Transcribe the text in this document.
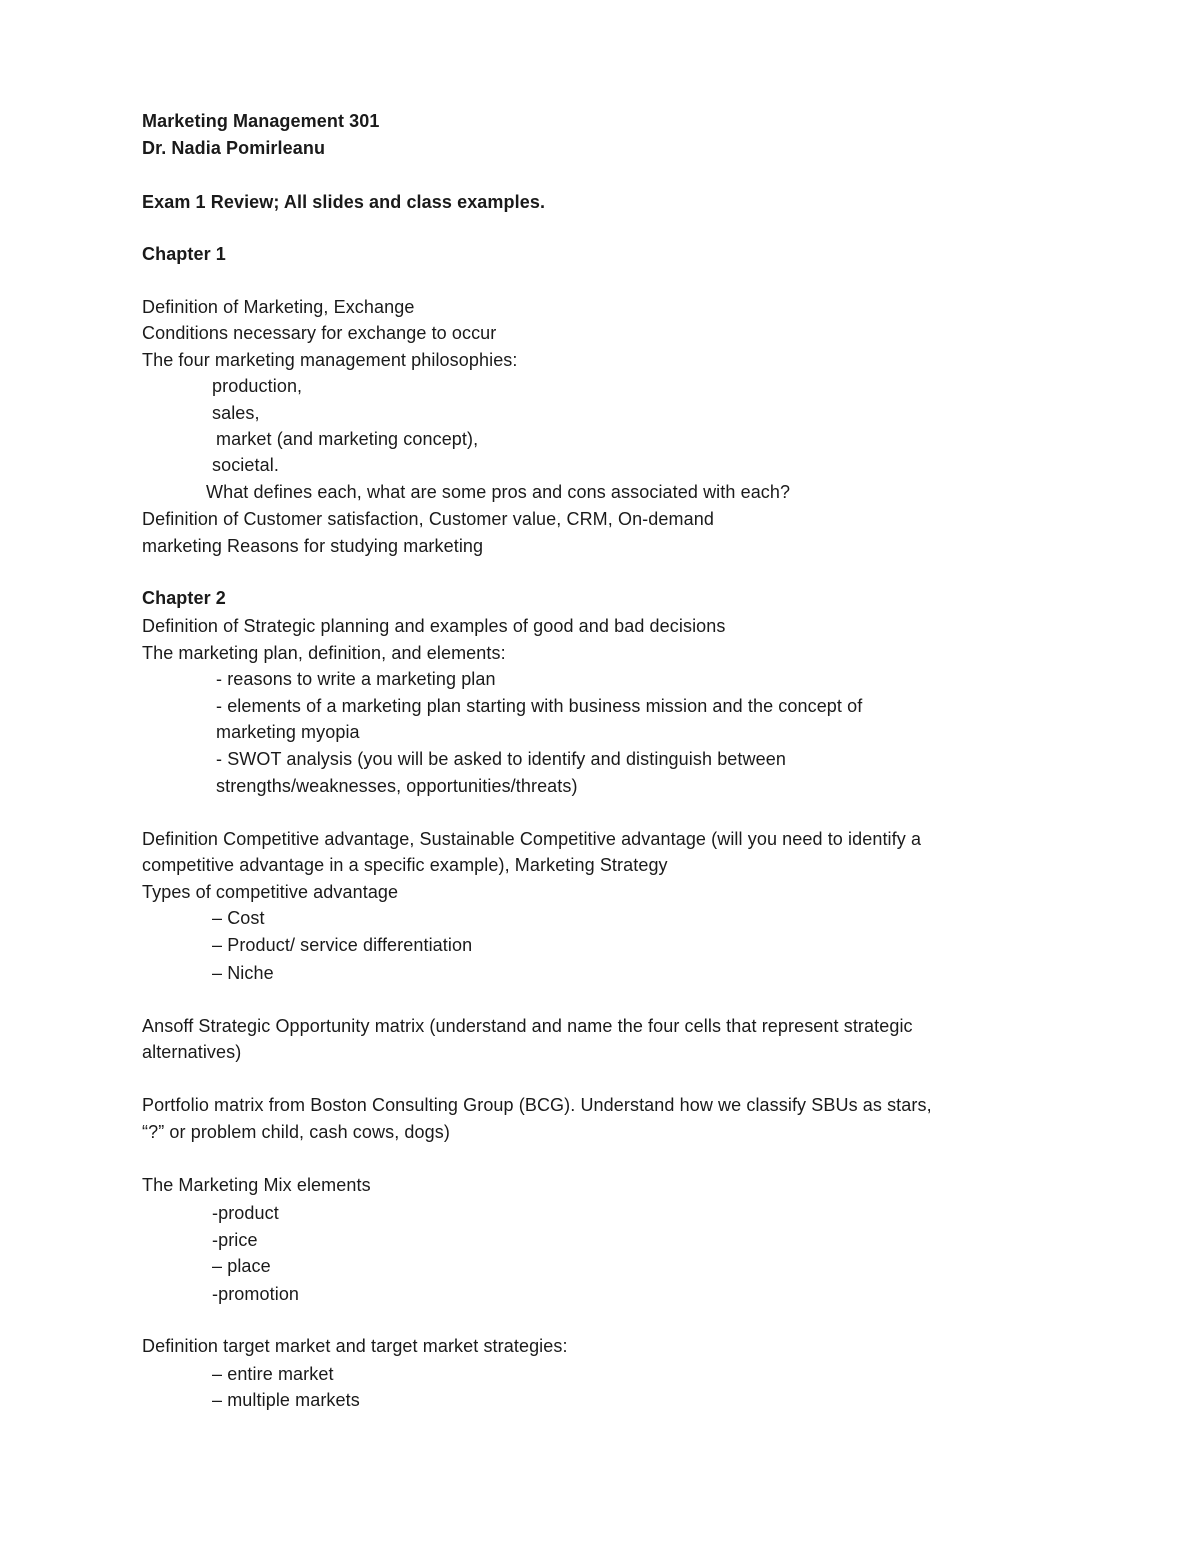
Marketing Management 301
Dr. Nadia Pomirleanu
Exam 1 Review; All slides and class examples.
Chapter 1
Definition of Marketing, Exchange
Conditions necessary for exchange to occur
The four marketing management philosophies:
production,
sales,
market (and marketing concept),
societal.
What defines each, what are some pros and cons associated with each?
Definition of Customer satisfaction, Customer value, CRM, On-demand
marketing Reasons for studying marketing
Chapter 2
Definition of Strategic planning and examples of good and bad decisions
The marketing plan, definition, and elements:
- reasons to write a marketing plan
- elements of a marketing plan starting with business mission and the concept of
marketing myopia
- SWOT analysis (you will be asked to identify and distinguish between
strengths/weaknesses, opportunities/threats)
Definition Competitive advantage, Sustainable Competitive advantage (will you need to identify a
competitive advantage in a specific example), Marketing Strategy
Types of competitive advantage
– Cost
– Product/ service differentiation
– Niche
Ansoff Strategic Opportunity matrix (understand and name the four cells that represent strategic
alternatives)
Portfolio matrix from Boston Consulting Group (BCG). Understand how we classify SBUs as stars,
“?” or problem child, cash cows, dogs)
The Marketing Mix elements
-product
-price
– place
-promotion
Definition target market and target market strategies:
– entire market
– multiple markets
